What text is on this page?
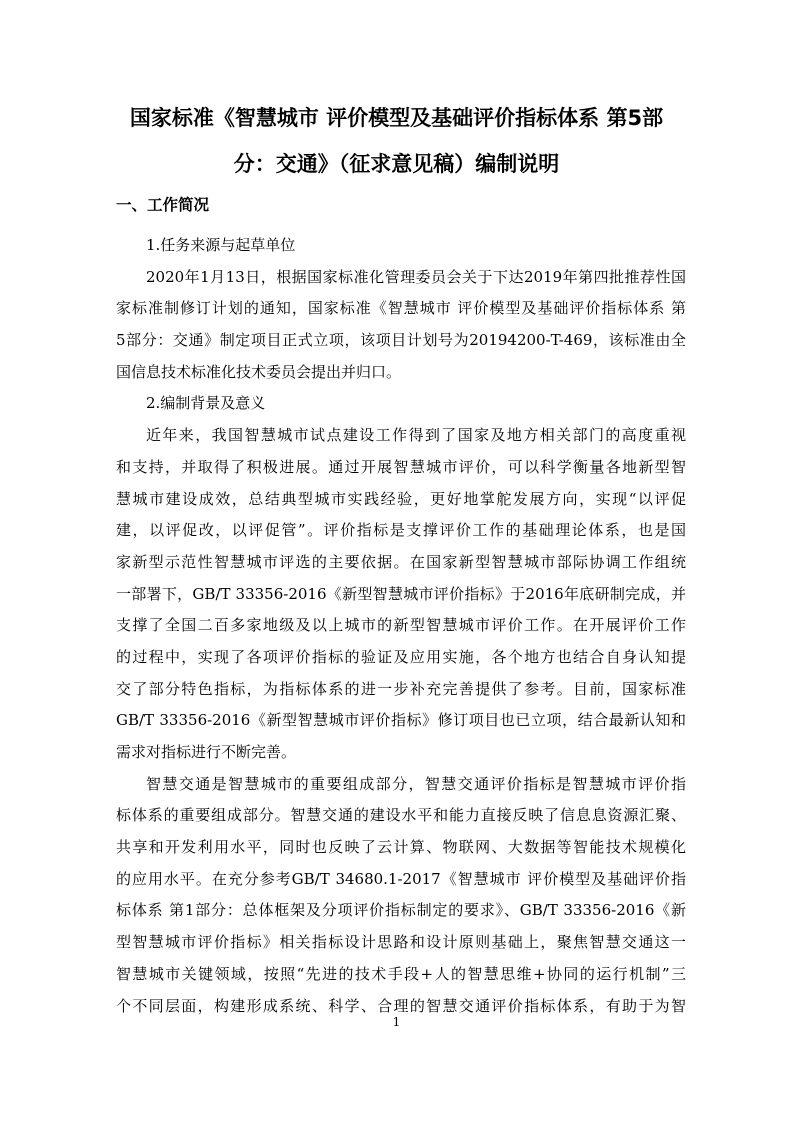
国家标准《智慧城市 评价模型及基础评价指标体系 第5部
分：交通》（征求意见稿）编制说明
一、工作简况
1.任务来源与起草单位
2020年1月13日，根据国家标准化管理委员会关于下达2019年第四批推荐性国
家标准制修订计划的通知，国家标准《智慧城市 评价模型及基础评价指标体系 第
5部分：交通》制定项目正式立项，该项目计划号为20194200-T-469，该标准由全
国信息技术标准化技术委员会提出并归口。
2.编制背景及意义
近年来，我国智慧城市试点建设工作得到了国家及地方相关部门的高度重视
和支持，并取得了积极进展。通过开展智慧城市评价，可以科学衡量各地新型智
慧城市建设成效，总结典型城市实践经验，更好地掌舵发展方向，实现“以评促
建，以评促改，以评促管”。评价指标是支撑评价工作的基础理论体系，也是国
家新型示范性智慧城市评选的主要依据。在国家新型智慧城市部际协调工作组统
一部署下，GB/T 33356-2016《新型智慧城市评价指标》于2016年底研制完成，并
支撑了全国二百多家地级及以上城市的新型智慧城市评价工作。在开展评价工作
的过程中，实现了各项评价指标的验证及应用实施，各个地方也结合自身认知提
交了部分特色指标，为指标体系的进一步补充完善提供了参考。目前，国家标准
GB/T 33356-2016《新型智慧城市评价指标》修订项目也已立项，结合最新认知和
需求对指标进行不断完善。
智慧交通是智慧城市的重要组成部分，智慧交通评价指标是智慧城市评价指
标体系的重要组成部分。智慧交通的建设水平和能力直接反映了信息息资源汇聚、
共享和开发利用水平，同时也反映了云计算、物联网、大数据等智能技术规模化
的应用水平。在充分参考GB/T 34680.1-2017《智慧城市 评价模型及基础评价指
标体系 第1部分：总体框架及分项评价指标制定的要求》、GB/T 33356-2016《新
型智慧城市评价指标》相关指标设计思路和设计原则基础上，聚焦智慧交通这一
智慧城市关键领域，按照“先进的技术手段+人的智慧思维+协同的运行机制”三
个不同层面，构建形成系统、科学、合理的智慧交通评价指标体系，有助于为智
1
